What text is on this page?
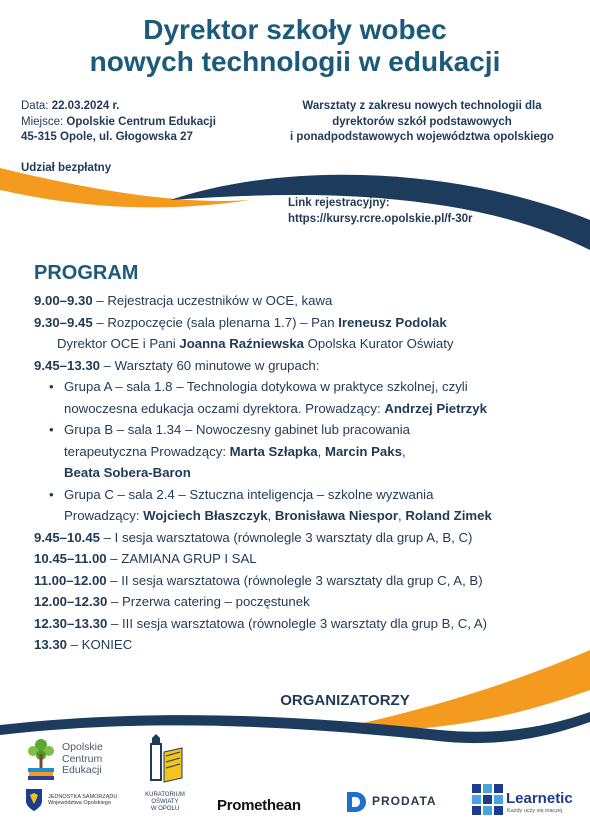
Dyrektor szkoły wobec
nowych technologii w edukacji
Data: 22.03.2024 r.
Miejsce: Opolskie Centrum Edukacji
45-315 Opole, ul. Głogowska 27
Udział bezpłatny
Warsztaty z zakresu nowych technologii dla
dyrektorów szkół podstawowych
i ponadpodstawowych województwa opolskiego
Link rejestracyjny:
https://kursy.rcre.opolskie.pl/f-30r
PROGRAM
9.00–9.30 – Rejestracja uczestników w OCE, kawa
9.30–9.45 – Rozpoczęcie (sala plenarna 1.7) – Pan Ireneusz Podolak
Dyrektor OCE i Pani Joanna Raźniewska Opolska Kurator Oświaty
9.45–13.30 – Warsztaty 60 minutowe w grupach:
• Grupa A – sala 1.8 – Technologia dotykowa w praktyce szkolnej, czyli
nowoczesna edukacja oczami dyrektora. Prowadzący: Andrzej Pietrzyk
• Grupa B – sala 1.34 – Nowoczesny gabinet lub pracowania
terapeutyczna Prowadzący: Marta Szłapka, Marcin Paks,
Beata Sobera-Baron
• Grupa C – sala 2.4 – Sztuczna inteligencja – szkolne wyzwania
Prowadzący: Wojciech Błaszczyk, Bronisława Niespor, Roland Zimek
9.45–10.45 – I sesja warsztatowa (równolegle 3 warsztaty dla grup A, B, C)
10.45–11.00 – ZAMIANA GRUP I SAL
11.00–12.00 – II sesja warsztatowa (równolegle 3 warsztaty dla grup C, A, B)
12.00–12.30 – Przerwa catering – poczęstunek
12.30–13.30 – III sesja warsztatowa (równolegle 3 warsztaty dla grup B, C, A)
13.30 – KONIEC
ORGANIZATORZY
Opolskie
Centrum
Edukacji
JEDNOSTKA SAMORZĄDU
Województwa Opolskiego
KURATORIUM
OŚWIATY
W OPOLU	Promethean	PRODATA	Learnetic
Każdy uczy się inaczej
